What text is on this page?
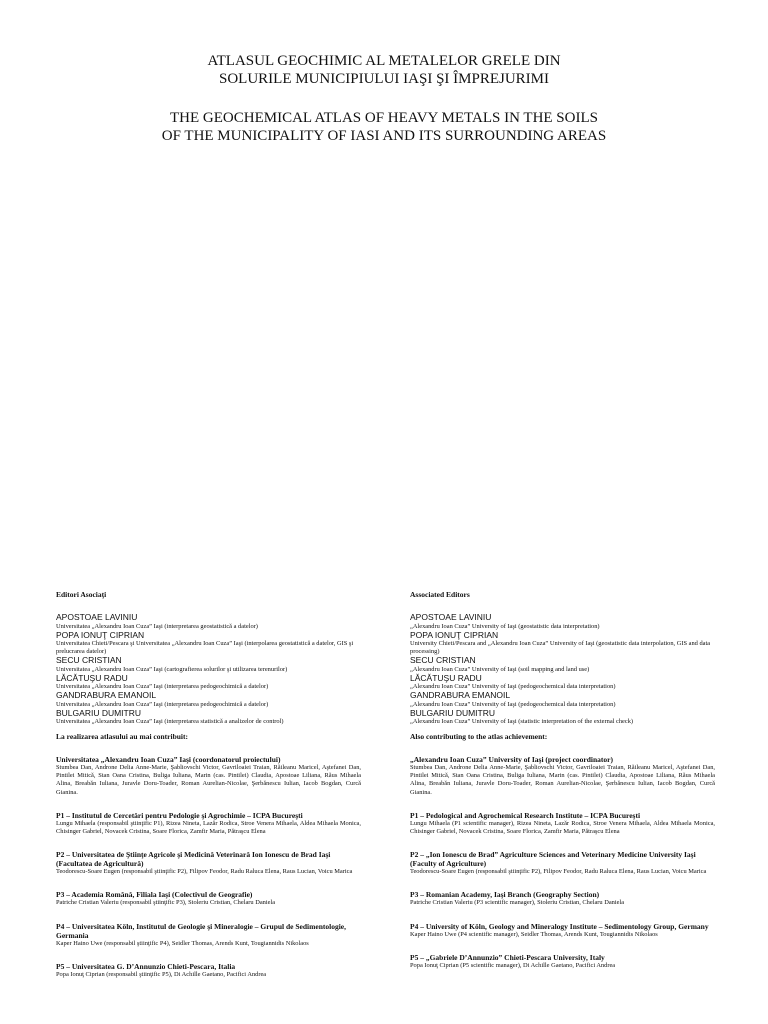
ATLASUL GEOCHIMIC AL METALELOR GRELE DIN
SOLURILE MUNICIPIULUI IAŞI ŞI ÎMPREJURIMI
THE GEOCHEMICAL ATLAS OF HEAVY METALS IN THE SOILS
OF THE MUNICIPALITY OF IASI AND ITS SURROUNDING AREAS
Editori Asociaţi
APOSTOAE LAVINIU
Universitatea „Alexandru Ioan Cuza” Iaşi (interpretarea geostatistică a datelor)
POPA IONUŢ CIPRIAN
Universitatea Chieti/Pescara şi Universitatea „Alexandru Ioan Cuza” Iaşi (interpolarea geostatistică a datelor, GIS şi prelucrarea datelor)
SECU CRISTIAN
Universitatea „Alexandru Ioan Cuza” Iaşi (cartografierea solurilor şi utilizarea terenurilor)
LĂCĂTUŞU RADU
Universitatea „Alexandru Ioan Cuza” Iaşi (interpretarea pedogeochimică a datelor)
GANDRABURA EMANOIL
Universitatea „Alexandru Ioan Cuza” Iaşi (interpretarea pedogeochimică a datelor)
BULGARIU DUMITRU
Universitatea „Alexandru Ioan Cuza” Iaşi (interpretarea statistică a analizelor de control)
La realizarea atlasului au mai contribuit:
Universitatea „Alexandru Ioan Cuza” Iaşi (coordonatorul proiectului)
Stumbea Dan, Androne Delia Anne-Marie, Şabliovschi Victor, Gavriloaiei Traian, Răileanu Maricel, Aştefanei Dan, Pintilei Mitică, Stan Oana Cristina, Buliga Iuliana, Marin (cas. Pintilei) Claudia, Apostoae Liliana, Răus Mihaela Alina, Breabăn Iuliana, Juravle Doru-Toader, Roman Aurelian-Nicolae, Şerbănescu Iulian, Iacob Bogdan, Curcă Gianina.
P1 – Institutul de Cercetări pentru Pedologie şi Agrochimie – ICPA Bucureşti
Lungu Mihaela (responsabil ştiinţific P1), Rizea Nineta, Lazăr Rodica, Stroe Venera Mihaela, Aldea Mihaela Monica, Chisinger Gabriel, Novacek Cristina, Soare Florica, Zamfir Maria, Pătraşcu Elena
P2 – Universitatea de Ştiinţe Agricole şi Medicină Veterinară Ion Ionescu de Brad Iaşi (Facultatea de Agricultură)
Teodorescu-Soare Eugen (responsabil ştiinţific P2), Filipov Feodor, Radu Raluca Elena, Raus Lucian, Voicu Marica
P3 – Academia Română, Filiala Iaşi (Colectivul de Geografie)
Patriche Cristian Valeriu (responsabil ştiinţific P3), Stoleriu Cristian, Chelaru Daniela
P4 – Universitatea Köln, Institutul de Geologie şi Mineralogie – Grupul de Sedimentologie, Germania
Kaper Haino Uwe (responsabil ştiinţific P4), Seidler Thomas, Arends Kunt, Tougiannidis Nikolaos
P5 – Universitatea G. D’Annunzio Chieti-Pescara, Italia
Popa Ionuţ Ciprian (responsabil ştiinţific P5), Di Achille Gaetano, Pacifici Andrea
Associated Editors
APOSTOAE LAVINIU
„Alexandru Ioan Cuza” University of Iaşi (geostatistic data interpretation)
POPA IONUŢ CIPRIAN
University Chieti/Pescara and „Alexandru Ioan Cuza” University of Iaşi (geostatistic data interpolation, GIS and data processing)
SECU CRISTIAN
„Alexandru Ioan Cuza” University of Iaşi (soil mapping and land use)
LĂCĂTUŞU RADU
„Alexandru Ioan Cuza” University of Iaşi (pedogeochemical data interpretation)
GANDRABURA EMANOIL
„Alexandru Ioan Cuza” University of Iaşi (pedogeochemical data interpretation)
BULGARIU DUMITRU
„Alexandru Ioan Cuza” University of Iaşi (statistic interpretation of the external check)
Also contributing to the atlas achievement:
„Alexandru Ioan Cuza” University of Iaşi (project coordinator)
Stumbea Dan, Androne Delia Anne-Marie, Şabliovschi Victor, Gavriloaiei Traian, Răileanu Maricel, Aştefanei Dan, Pintilei Mitică, Stan Oana Cristina, Buliga Iuliana, Marin (cas. Pintilei) Claudia, Apostoae Liliana, Răus Mihaela Alina, Breabăn Iuliana, Juravle Doru-Toader, Roman Aurelian-Nicolae, Şerbănescu Iulian, Iacob Bogdan, Curcă Gianina.
P1 – Pedological and Agrochemical Research Institute – ICPA Bucureşti
Lungu Mihaela (P1 scientific manager), Rizea Nineta, Lazăr Rodica, Stroe Venera Mihaela, Aldea Mihaela Monica, Chisinger Gabriel, Novacek Cristina, Soare Florica, Zamfir Maria, Pătraşcu Elena
P2 – „Ion Ionescu de Brad” Agriculture Sciences and Veterinary Medicine University Iaşi (Faculty of Agriculture)
Teodorescu-Soare Eugen (responsabil ştiinţific P2), Filipov Feodor, Radu Raluca Elena, Raus Lucian, Voicu Marica
P3 – Romanian Academy, Iaşi Branch (Geography Section)
Patriche Cristian Valeriu (P3 scientific manager), Stoleriu Cristian, Chelaru Daniela
P4 – University of Köln, Geology and Mineralogy Institute – Sedimentology Group, Germany
Kaper Haino Uwe (P4 scientific manager), Seidler Thomas, Arends Kunt, Tougiannidis Nikolaos
P5 – „Gabriele D’Annunzio” Chieti-Pescara University, Italy
Popa Ionuţ Ciprian (P5 scientific manager), Di Achille Gaetano, Pacifici Andrea
